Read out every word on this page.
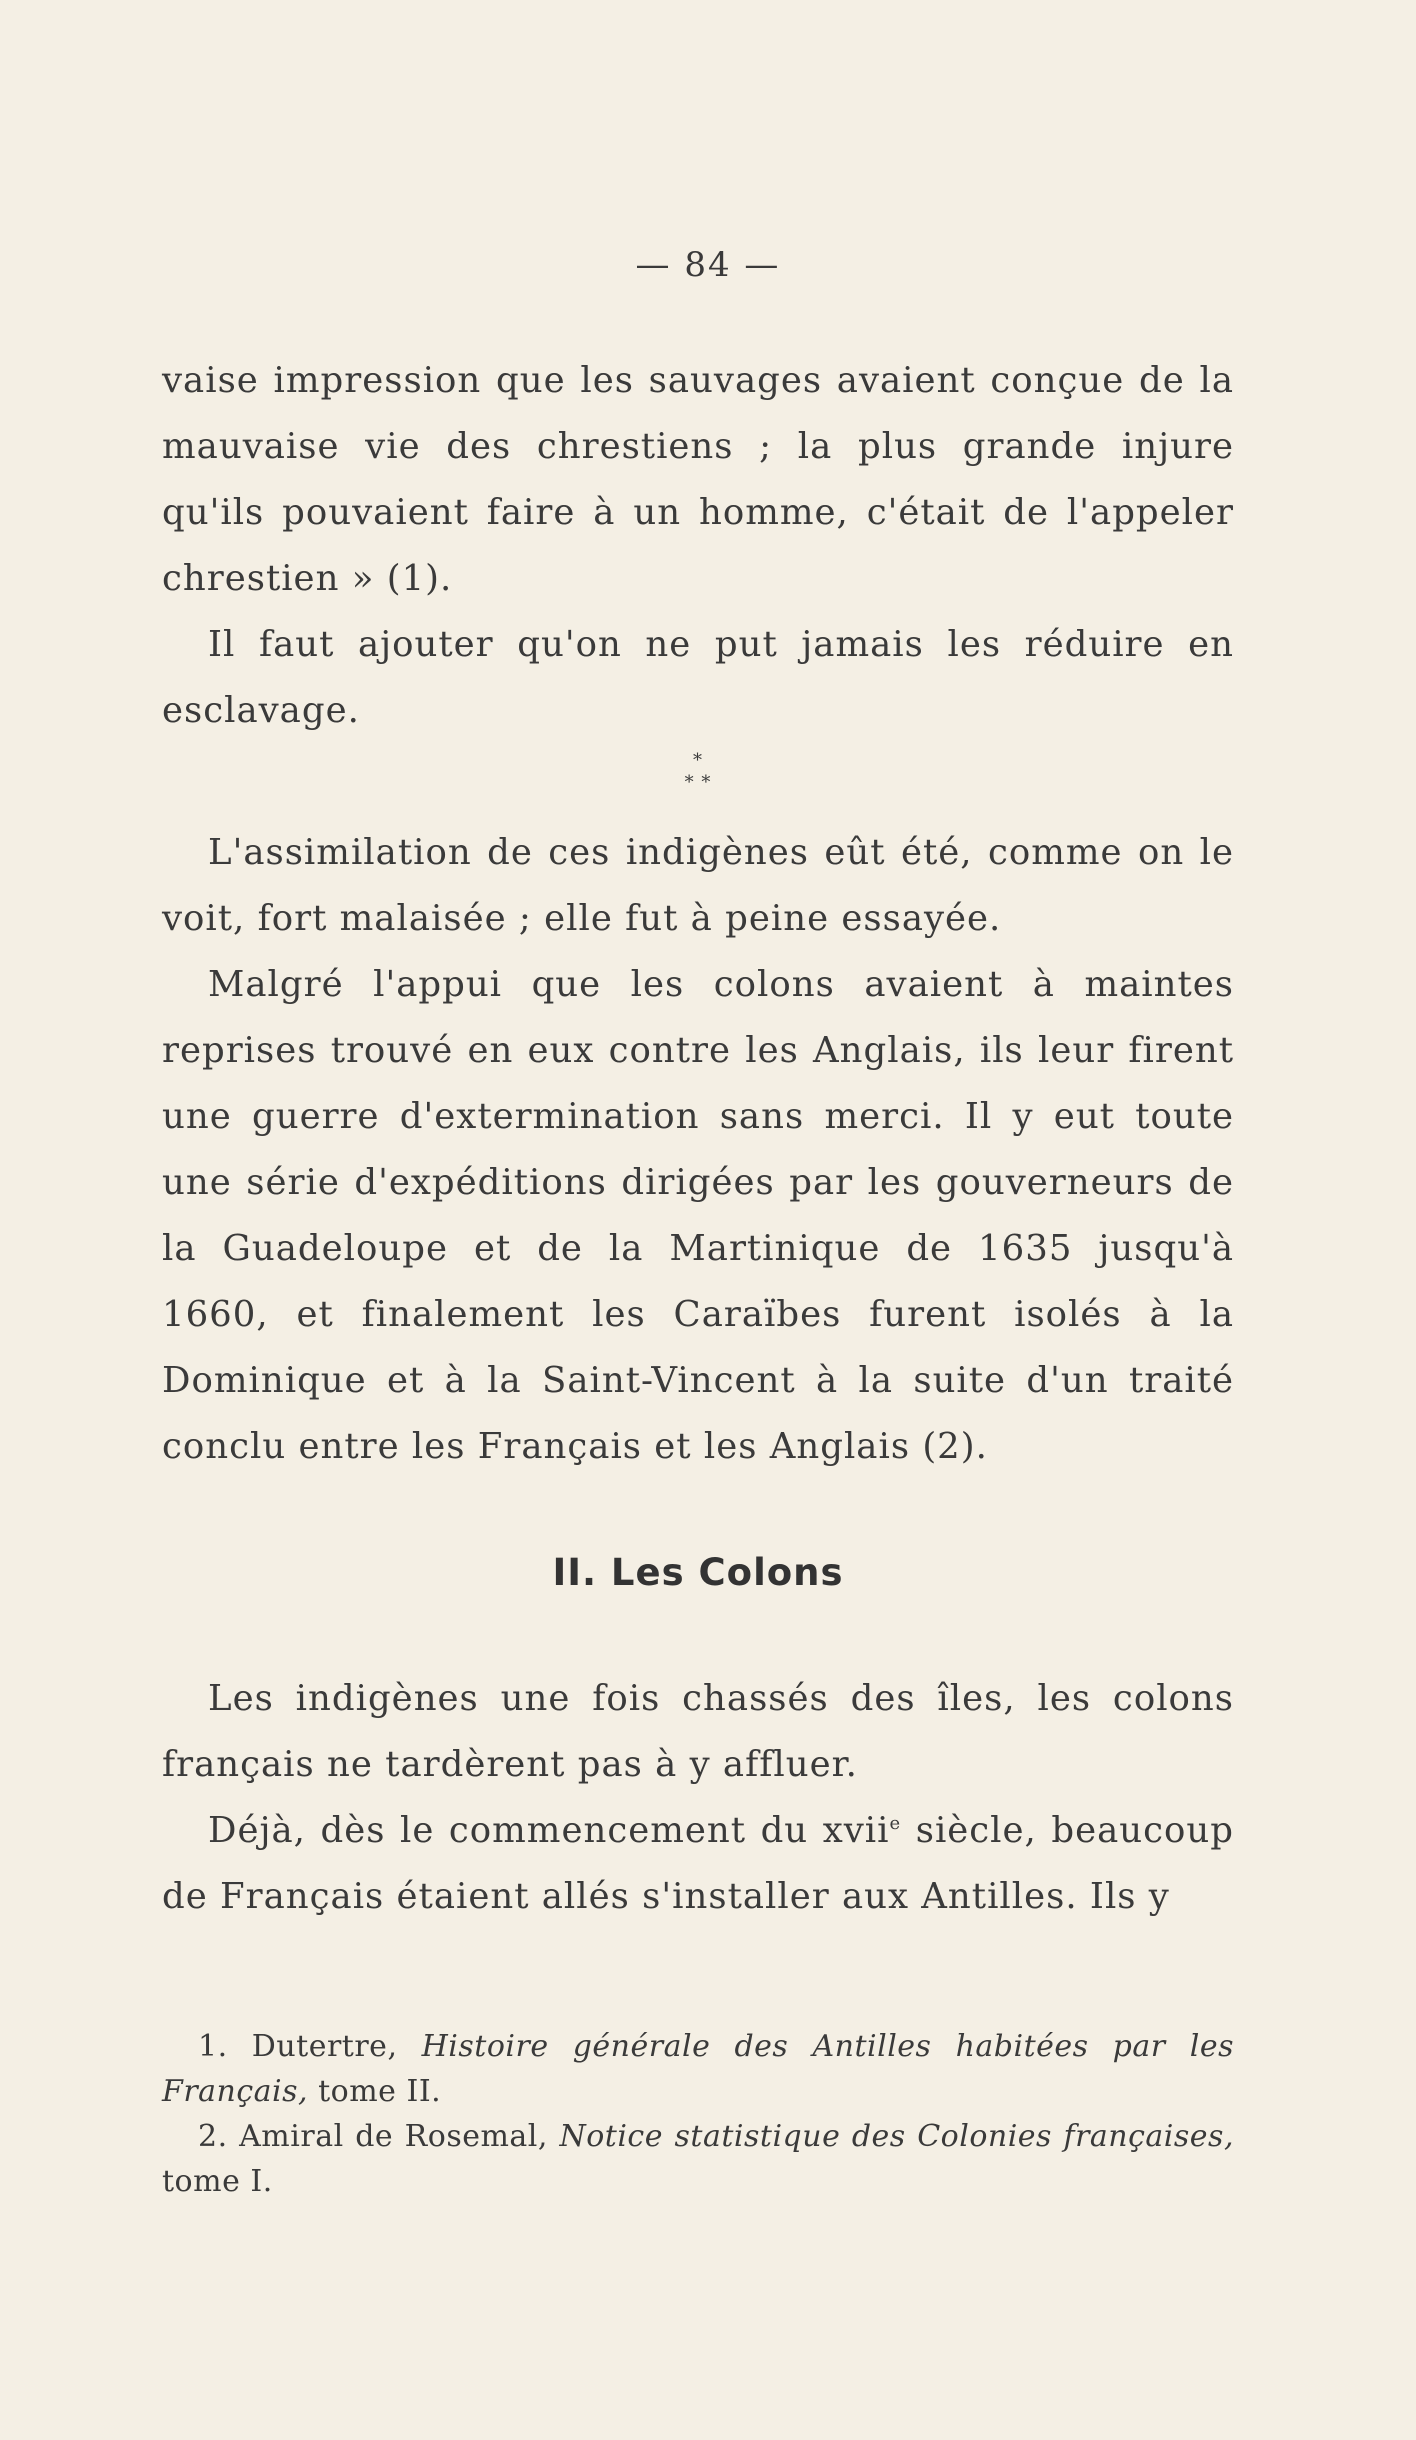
— 84 —

vaise impression que les sauvages avaient conçue de la mauvaise vie des chrestiens ; la plus grande injure qu'ils pouvaient faire à un homme, c'était de l'appeler chrestien » (1).

Il faut ajouter qu'on ne put jamais les réduire en esclavage.

*
* *

L'assimilation de ces indigènes eût été, comme on le voit, fort malaisée ; elle fut à peine essayée.

Malgré l'appui que les colons avaient à maintes reprises trouvé en eux contre les Anglais, ils leur firent une guerre d'extermination sans merci. Il y eut toute une série d'expéditions dirigées par les gouverneurs de la Guadeloupe et de la Martinique de 1635 jusqu'à 1660, et finalement les Caraïbes furent isolés à la Dominique et à la Saint-Vincent à la suite d'un traité conclu entre les Français et les Anglais (2).

II. Les Colons

Les indigènes une fois chassés des îles, les colons français ne tardèrent pas à y affluer.

Déjà, dès le commencement du xvii$^e$ siècle, beaucoup de Français étaient allés s'installer aux Antilles. Ils y

1. Dutertre, Histoire générale des Antilles habitées par les Français, tome II.

2. Amiral de Rosemal, Notice statistique des Colonies françaises, tome I.
